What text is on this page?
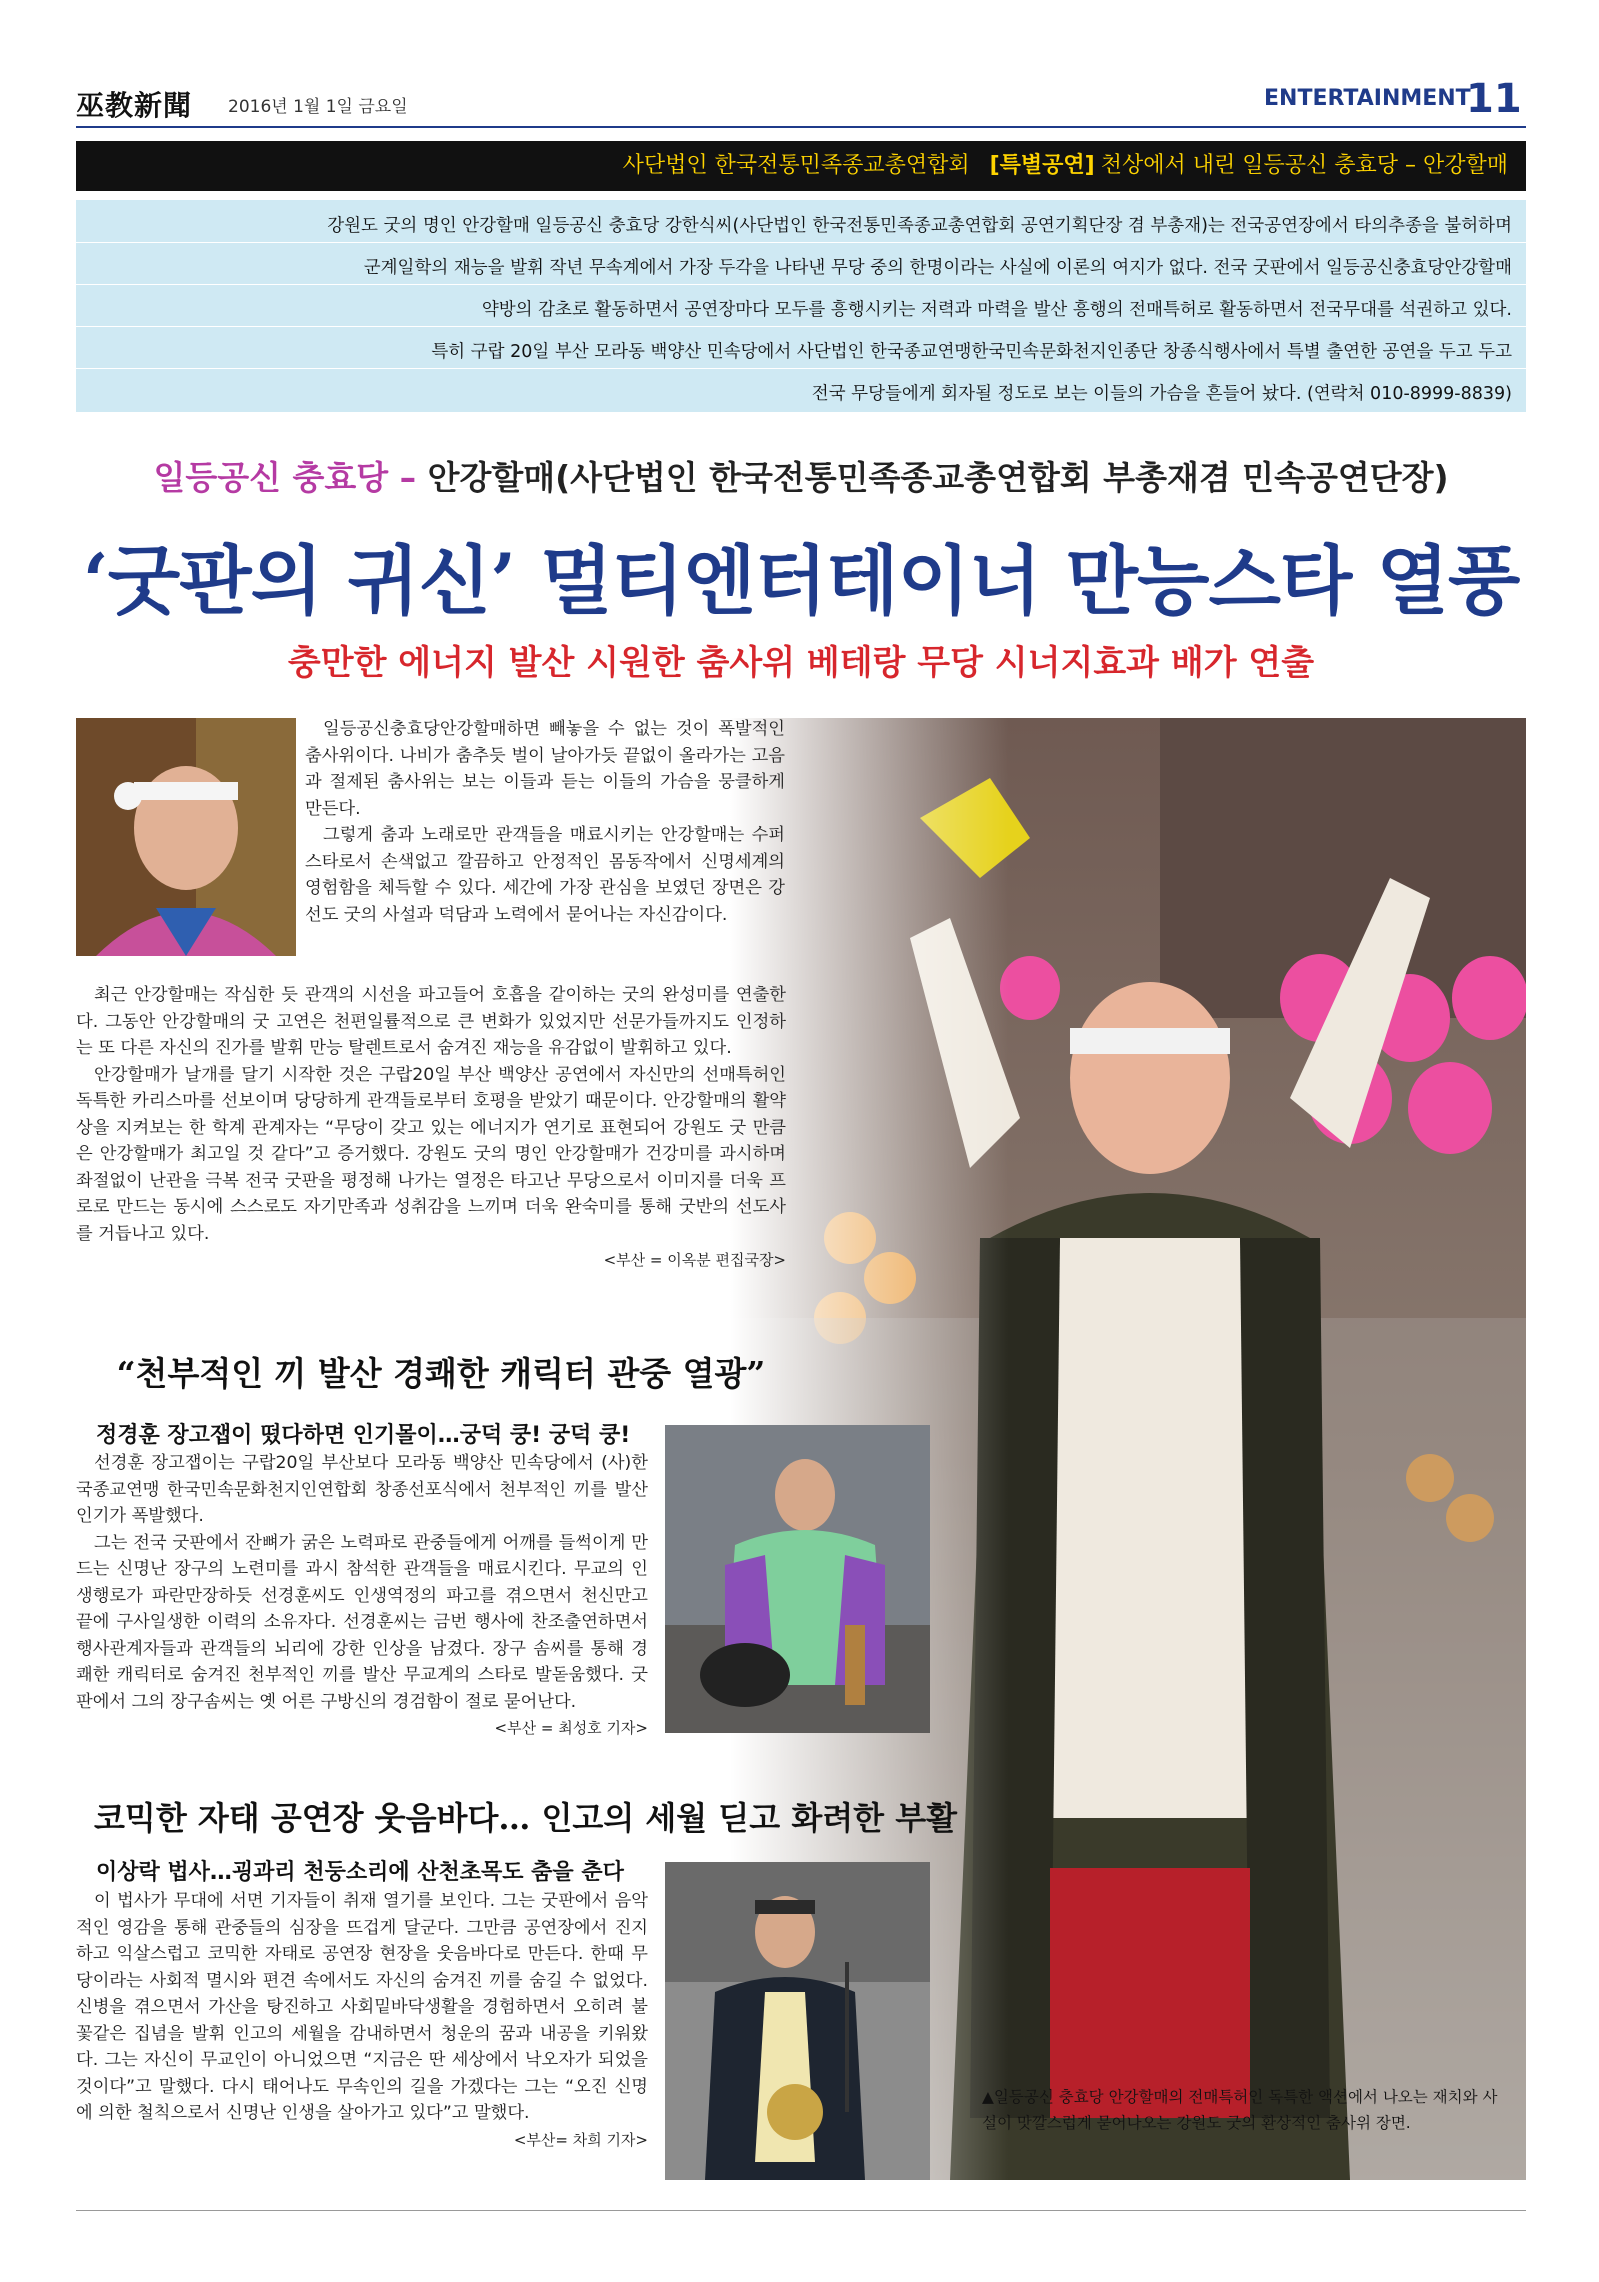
巫教新聞 2016년 1월 1일 금요일	ENTERTAINMENT
11
사단법인 한국전통민족종교총연합회 [특별공연] 천상에서 내린 일등공신 충효당 – 안강할매
강원도 굿의 명인 안강할매 일등공신 충효당 강한식씨(사단법인 한국전통민족종교총연합회 공연기획단장 겸 부총재)는 전국공연장에서 타의추종을 불허하며
군계일학의 재능을 발휘 작년 무속계에서 가장 두각을 나타낸 무당 중의 한명이라는 사실에 이론의 여지가 없다. 전국 굿판에서 일등공신충효당안강할매
약방의 감초로 활동하면서 공연장마다 모두를 흥행시키는 저력과 마력을 발산 흥행의 전매특허로 활동하면서 전국무대를 석권하고 있다.
특히 구랍 20일 부산 모라동 백양산 민속당에서 사단법인 한국종교연맹한국민속문화천지인종단 창종식행사에서 특별 출연한 공연을 두고 두고
전국 무당들에게 회자될 정도로 보는 이들의 가슴을 흔들어 놨다. (연락처 010-8999-8839)
일등공신 충효당 – 안강할매(사단법인 한국전통민족종교총연합회 부총재겸 민속공연단장)
‘굿판의 귀신’ 멀티엔터테이너 만능스타 열풍
충만한 에너지 발산 시원한 춤사위 베테랑 무당 시너지효과 배가 연출
▲일등공신 충효당 안강할매의 전매특허인 독특한 액션에서 나오는 재치와 사설이 맛깔스럽게 묻어나오는 강원도 굿의 환상적인 춤사위 장면.

일등공신충효당안강할매하면 빼놓을 수 없는 것이 폭발적인 춤사위이다. 나비가 춤추듯 벌이 날아가듯 끝없이 올라가는 고음과 절제된 춤사위는 보는 이들과 듣는 이들의 가슴을 뭉클하게 만든다.

그렇게 춤과 노래로만 관객들을 매료시키는 안강할매는 수퍼스타로서 손색없고 깔끔하고 안정적인 몸동작에서 신명세계의 영험함을 체득할 수 있다. 세간에 가장 관심을 보였던 장면은 강선도 굿의 사설과 덕담과 노력에서 묻어나는 자신감이다.

최근 안강할매는 작심한 듯 관객의 시선을 파고들어 호흡을 같이하는 굿의 완성미를 연출한다. 그동안 안강할매의 굿 고연은 천편일률적으로 큰 변화가 있었지만 선문가들까지도 인정하는 또 다른 자신의 진가를 발휘 만능 탈렌트로서 숨겨진 재능을 유감없이 발휘하고 있다.

안강할매가 날개를 달기 시작한 것은 구랍20일 부산 백양산 공연에서 자신만의 선매특허인 독특한 카리스마를 선보이며 당당하게 관객들로부터 호평을 받았기 때문이다. 안강할매의 활약상을 지켜보는 한 학계 관계자는 “무당이 갖고 있는 에너지가 연기로 표현되어 강원도 굿 만큼은 안강할매가 최고일 것 같다”고 증거했다. 강원도 굿의 명인 안강할매가 건강미를 과시하며 좌절없이 난관을 극복 전국 굿판을 평정해 나가는 열정은 타고난 무당으로서 이미지를 더욱 프로로 만드는 동시에 스스로도 자기만족과 성취감을 느끼며 더욱 완숙미를 통해 굿반의 선도사를 거듭나고 있다.

<부산 = 이옥분 편집국장>
“천부적인 끼 발산 경쾌한 캐릭터 관중 열광”
정경훈 장고잽이 떴다하면 인기몰이…궁덕 쿵! 궁덕 쿵!

선경훈 장고잽이는 구랍20일 부산보다 모라동 백양산 민속당에서 (사)한국종교연맹 한국민속문화천지인연합회 창종선포식에서 천부적인 끼를 발산 인기가 폭발했다.

그는 전국 굿판에서 잔뼈가 굵은 노력파로 관중들에게 어깨를 들썩이게 만드는 신명난 장구의 노련미를 과시 참석한 관객들을 매료시킨다. 무교의 인생행로가 파란만장하듯 선경훈씨도 인생역정의 파고를 겪으면서 천신만고 끝에 구사일생한 이력의 소유자다. 선경훈씨는 금번 행사에 찬조출연하면서 행사관계자들과 관객들의 뇌리에 강한 인상을 남겼다. 장구 솜씨를 통해 경쾌한 캐릭터로 숨겨진 천부적인 끼를 발산 무교계의 스타로 발돋움했다. 굿판에서 그의 장구솜씨는 옛 어른 구방신의 경검함이 절로 묻어난다.

<부산 = 최성호 기자>
코믹한 자태 공연장 웃음바다… 인고의 세월 딛고 화려한 부활
이상락 법사…굉과리 천둥소리에 산천초목도 춤을 춘다

이 법사가 무대에 서면 기자들이 취재 열기를 보인다. 그는 굿판에서 음악적인 영감을 통해 관중들의 심장을 뜨겁게 달군다. 그만큼 공연장에서 진지하고 익살스럽고 코믹한 자태로 공연장 현장을 웃음바다로 만든다. 한때 무당이라는 사회적 멸시와 편견 속에서도 자신의 숨겨진 끼를 숨길 수 없었다. 신병을 겪으면서 가산을 탕진하고 사회밑바닥생활을 경험하면서 오히려 불꽃같은 집념을 발휘 인고의 세월을 감내하면서 청운의 꿈과 내공을 키워왔다. 그는 자신이 무교인이 아니었으면 “지금은 딴 세상에서 낙오자가 되었을 것이다”고 말했다. 다시 태어나도 무속인의 길을 가겠다는 그는 “오진 신명에 의한 철칙으로서 신명난 인생을 살아가고 있다”고 말했다.

<부산= 차희 기자>
